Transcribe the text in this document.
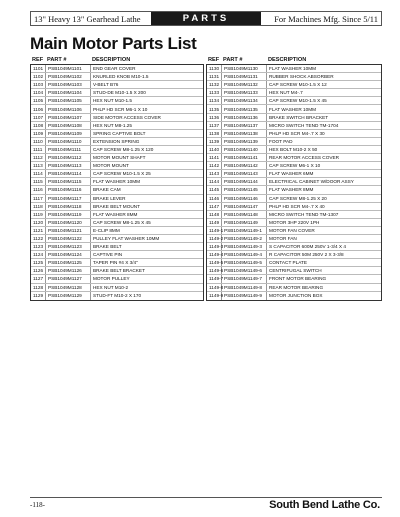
13" Heavy 13" Gearhead Lathe	PARTS	For Machines Mfg. Since 5/11
Main Motor Parts List
REF PART #	DESCRIPTION
1101	PSB1049M1101	END GEAR COVER
1102	PSB1049M1102	KNURLED KNOB M10-1.5
1103	PSB1049M1103	V-BELT B76
1104	PSB1049M1104	STUD-DE M10-1.5 X 200
1105	PSB1049M1105	HEX NUT M10-1.5
1106	PSB1049M1106	PHLP HD SCR M6-1 X 10
1107	PSB1049M1107	SIDE MOTOR ACCESS COVER
1108	PSB1049M1108	HEX NUT M8-1.25
1109	PSB1049M1109	SPRING CAPTIVE BOLT
1110	PSB1049M1110	EXTENSION SPRING
1111	PSB1049M1111	CAP SCREW M8-1.25 X 120
1112	PSB1049M1112	MOTOR MOUNT SHAFT
1113	PSB1049M1113	MOTOR MOUNT
1114	PSB1049M1114	CAP SCREW M10-1.5 X 25
1115	PSB1049M1115	FLAT WASHER 10MM
1116	PSB1049M1116	BRAKE CAM
1117	PSB1049M1117	BRAKE LEVER
1118	PSB1049M1118	BRAKE BELT MOUNT
1119	PSB1049M1119	FLAT WASHER 8MM
1120	PSB1049M1120	CAP SCREW M8-1.25 X 45
1121	PSB1049M1121	E-CLIP 8MM
1122	PSB1049M1122	PULLEY FLAT WASHER 10MM
1123	PSB1049M1123	BRAKE BELT
1124	PSB1049M1124	CAPTIVE PIN
1125	PSB1049M1125	TAPER PIN #4 X 3/4"
1126	PSB1049M1126	BRAKE BELT BRACKET
1127	PSB1049M1127	MOTOR PULLEY
1128	PSB1049M1128	HEX NUT M10-2
1129	PSB1049M1129	STUD-FT M10-2 X 170
REF PART #	DESCRIPTION
1130	PSB1049M1130	FLAT WASHER 10MM
1131	PSB1049M1131	RUBBER SHOCK ABSORBER
1132	PSB1049M1132	CAP SCREW M10-1.5 X 12
1133	PSB1049M1133	HEX NUT M4-.7
1134	PSB1049M1134	CAP SCREW M10-1.5 X 45
1135	PSB1049M1135	FLAT WASHER 10MM
1136	PSB1049M1136	BRAKE SWITCH BRACKET
1137	PSB1049M1137	MICRO SWITCH TEND TM-1704
1138	PSB1049M1138	PHLP HD SCR M4-.7 X 30
1139	PSB1049M1139	FOOT PAD
1140	PSB1049M1140	HEX BOLT M10-2 X 50
1141	PSB1049M1141	REAR MOTOR ACCESS COVER
1142	PSB1049M1142	CAP SCREW M6-1 X 10
1143	PSB1049M1143	FLAT WASHER 6MM
1144	PSB1049M1144	ELECTRICAL CABINET W/DOOR ASSY
1145	PSB1049M1145	FLAT WASHER 8MM
1146	PSB1049M1146	CAP SCREW M8-1.25 X 20
1147	PSB1049M1147	PHLP HD SCR M4-.7 X 40
1148	PSB1049M1148	MICRO SWITCH TEND TM-1307
1149	PSB1049M1149	MOTOR 3HP 220V 1PH
1149-1 PSB1049M1149-1	MOTOR FAN COVER
1149-2 PSB1049M1149-2	MOTOR FAN
1149-3 PSB1049M1149-3	S CAPACITOR 600M 250V 1-3/4 X 4
1149-4 PSB1049M1149-4	R CAPACITOR 50M 250V 2 X 3-3/8
1149-5 PSB1049M1149-5	CONTACT PLATE
1149-6 PSB1049M1149-6	CENTRIFUGAL SWITCH
1149-7 PSB1049M1149-7	FRONT MOTOR BEARING
1149-8 PSB1049M1149-8	REAR MOTOR BEARING
1149-9 PSB1049M1149-9	MOTOR JUNCTION BOX
-118-	South Bend Lathe Co.
